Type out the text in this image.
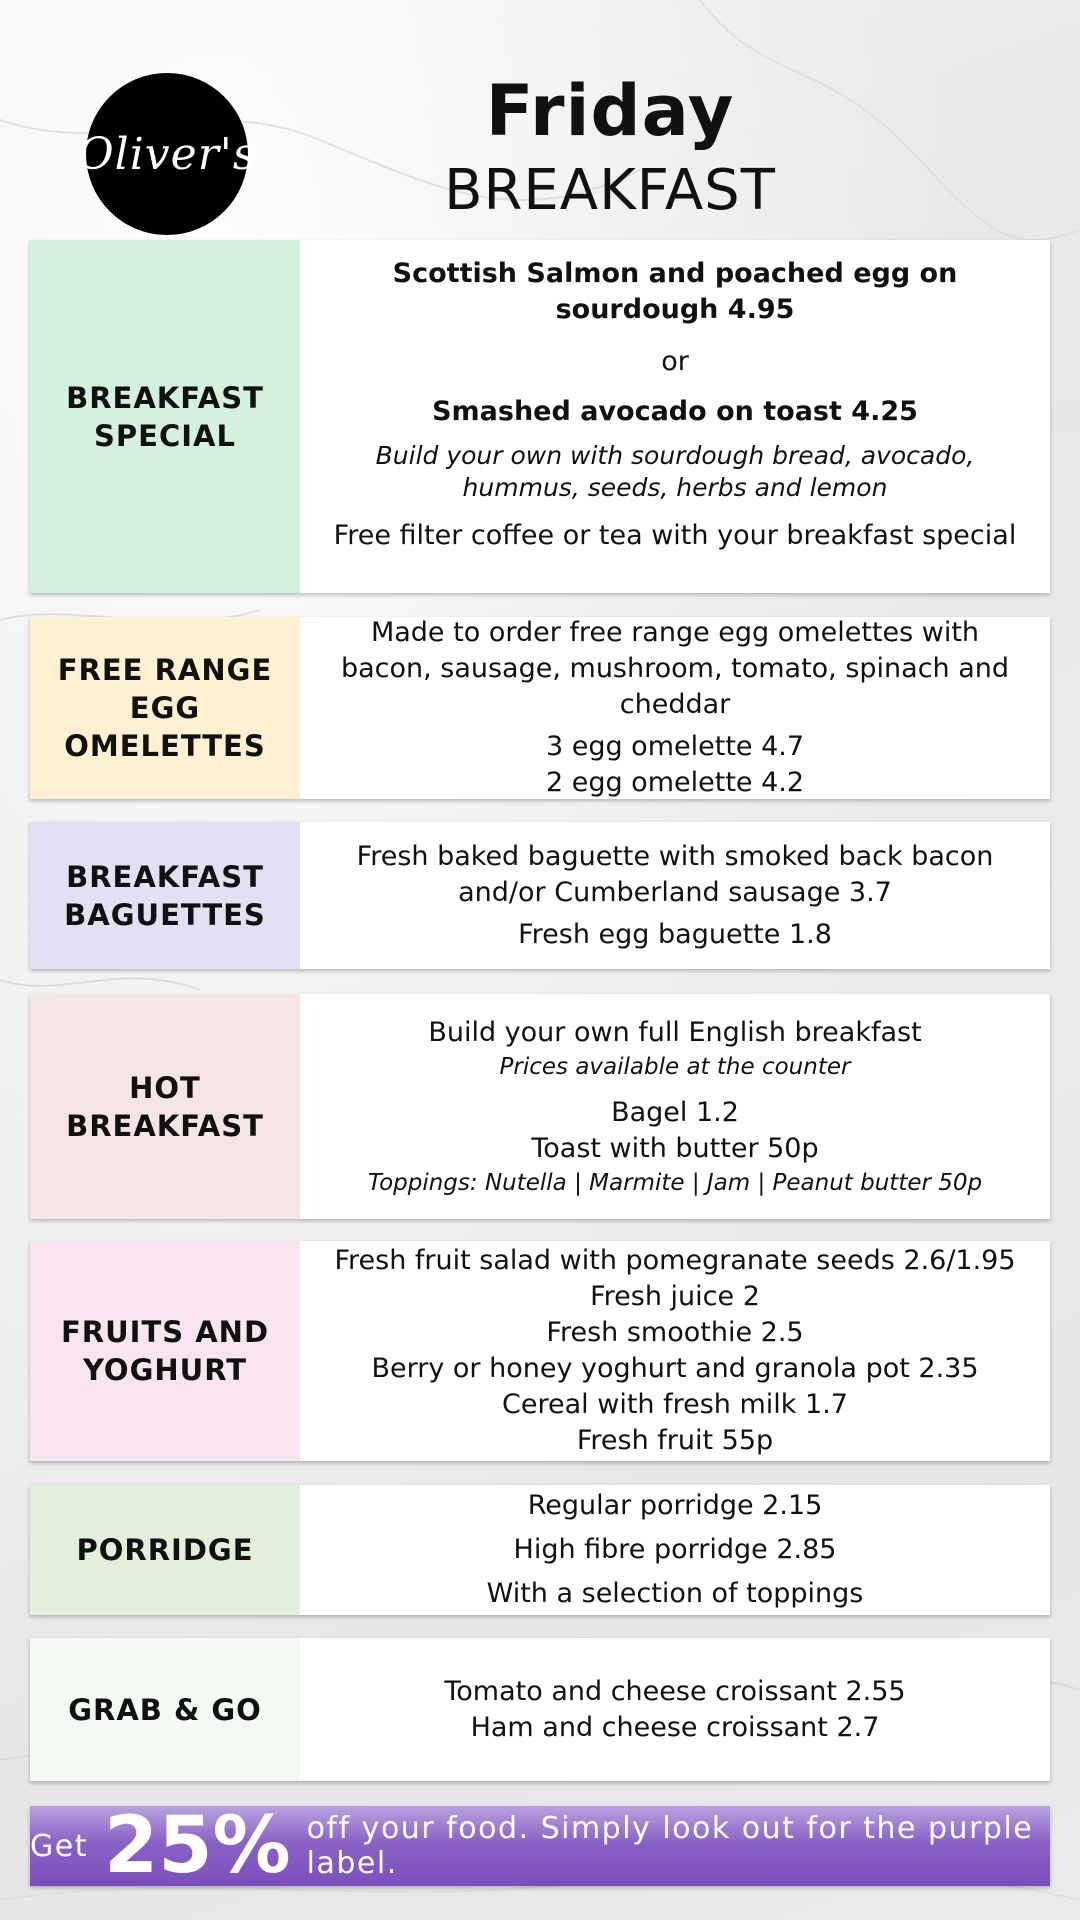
Oliver's
Friday
BREAKFAST
BREAKFAST
SPECIAL

Scottish Salmon and poached egg on sourdough 4.95

or

Smashed avocado on toast 4.25

Build your own with sourdough bread, avocado, hummus, seeds, herbs and lemon

Free filter coffee or tea with your breakfast special

FREE RANGE
EGG
OMELETTES

Made to order free range egg omelettes with bacon, sausage, mushroom, tomato, spinach and cheddar

3 egg omelette 4.7

2 egg omelette 4.2

BREAKFAST
BAGUETTES

Fresh baked baguette with smoked back bacon and/or Cumberland sausage 3.7

Fresh egg baguette 1.8

HOT
BREAKFAST

Build your own full English breakfast

Prices available at the counter

Bagel 1.2

Toast with butter 50p

Toppings: Nutella | Marmite | Jam | Peanut butter 50p

FRUITS AND
YOGHURT

Fresh fruit salad with pomegranate seeds 2.6/1.95

Fresh juice 2

Fresh smoothie 2.5

Berry or honey yoghurt and granola pot 2.35

Cereal with fresh milk 1.7

Fresh fruit 55p

PORRIDGE

Regular porridge 2.15

High fibre porridge 2.85

With a selection of toppings

GRAB & GO

Tomato and cheese croissant 2.55

Ham and cheese croissant 2.7

Get 25% off your food. Simply look out for the purple label.
